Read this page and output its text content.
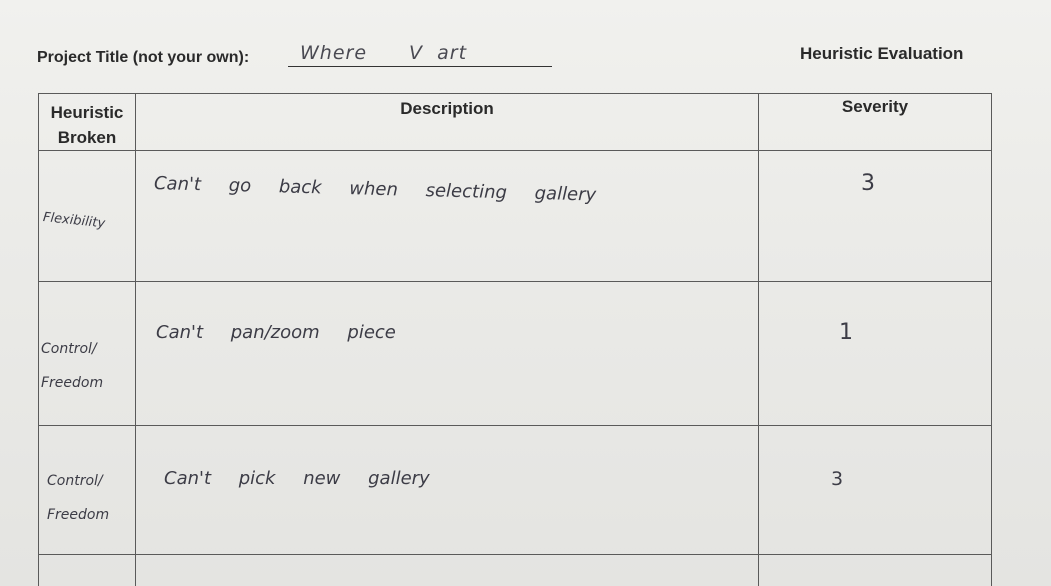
Project Title (not your own):	Where V art	Heuristic Evaluation
Heuristic Broken	Description	Severity

Flexibility	Can't go back when selecting gallery	3

Control/
Freedom	Can't pan/zoom piece	1

Control/
Freedom	Can't pick new gallery	3
